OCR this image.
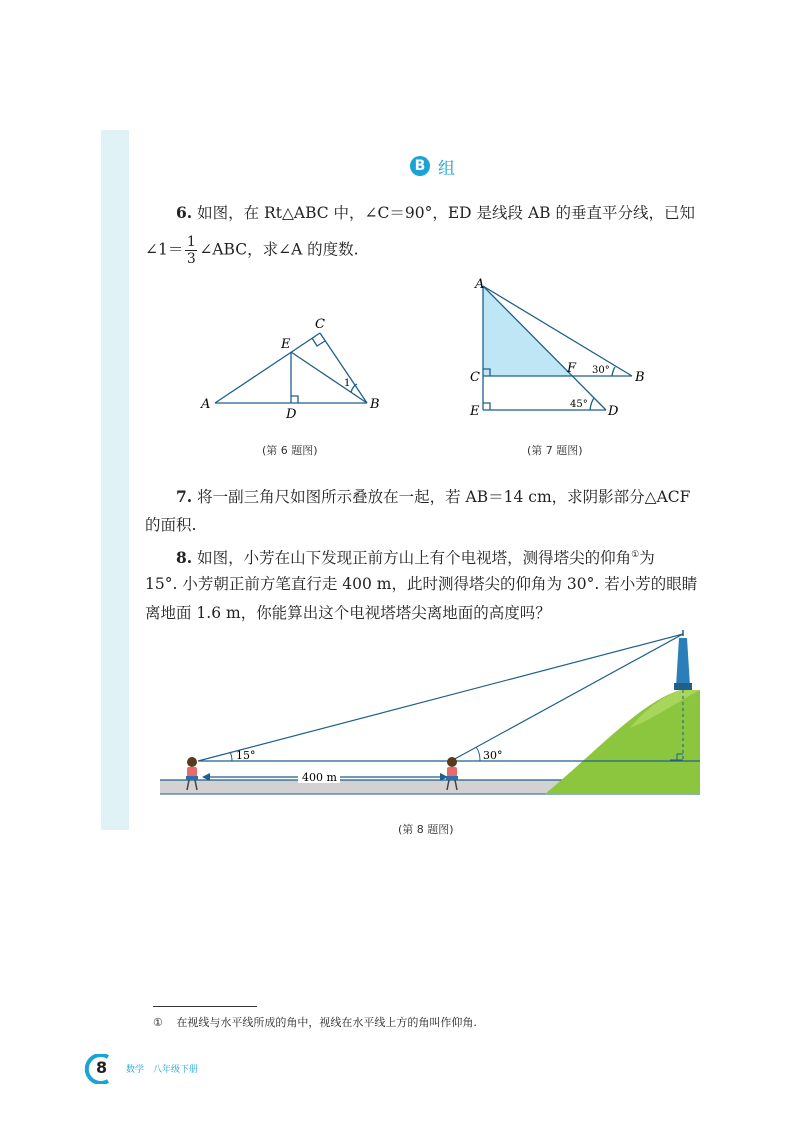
B 组
6. 如图，在 Rt△ABC 中，∠C＝90°，ED 是线段 AB 的垂直平分线，已知
∠1＝ $\frac{1}{3}$ ∠ABC，求∠A 的度数.
A	B
C
D
E
1
(第 6 题图)
A
C
E
F
B
D
30°
45°
(第 7 题图)
7. 将一副三角尺如图所示叠放在一起，若 AB＝14 cm，求阴影部分△ACF
的面积.
8. 如图，小芳在山下发现正前方山上有个电视塔，测得塔尖的仰角①为
15°. 小芳朝正前方笔直行走 400 m，此时测得塔尖的仰角为 30°. 若小芳的眼睛
离地面 1.6 m，你能算出这个电视塔塔尖离地面的高度吗？
15°	30°
400 m
(第 8 题图)
① 在视线与水平线所成的角中，视线在水平线上方的角叫作仰角.
8 数学 八年级下册
